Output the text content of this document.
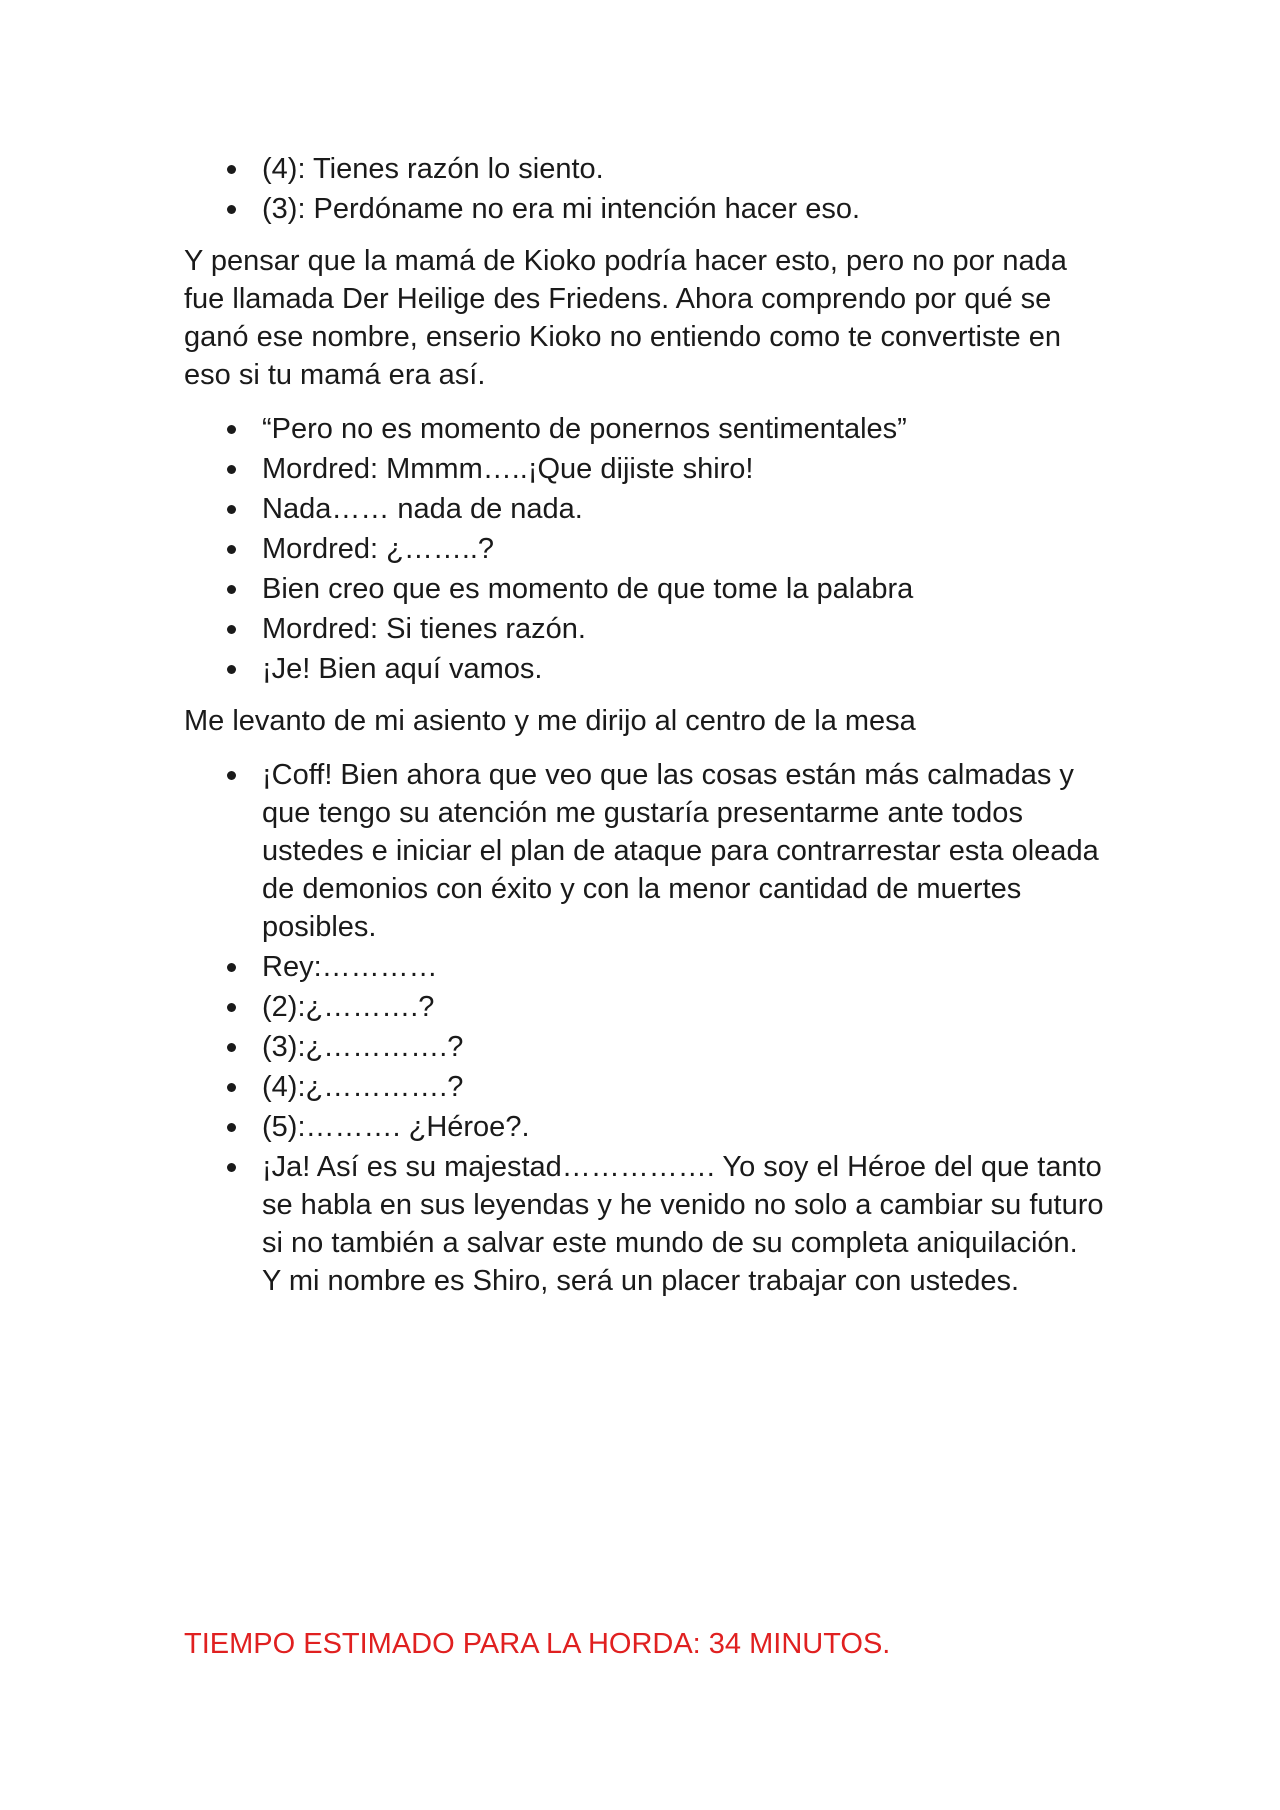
(4): Tienes razón lo siento.
(3): Perdóname no era mi intención hacer eso.

Y pensar que la mamá de Kioko podría hacer esto, pero no por nada fue llamada Der Heilige des Friedens. Ahora comprendo por qué se ganó ese nombre, enserio Kioko no entiendo como te convertiste en eso si tu mamá era así.

“Pero no es momento de ponernos sentimentales”
Mordred: Mmmm…..¡Que dijiste shiro!
Nada…… nada de nada.
Mordred: ¿……..?
Bien creo que es momento de que tome la palabra
Mordred: Si tienes razón.
¡Je! Bien aquí vamos.

Me levanto de mi asiento y me dirijo al centro de la mesa

¡Coff! Bien ahora que veo que las cosas están más calmadas y que tengo su atención me gustaría presentarme ante todos ustedes e iniciar el plan de ataque para contrarrestar esta oleada de demonios con éxito y con la menor cantidad de muertes posibles.
Rey:…………
(2):¿……….?
(3):¿………….?
(4):¿………….?
(5):………. ¿Héroe?.
¡Ja! Así es su majestad……………. Yo soy el Héroe del que tanto se habla en sus leyendas y he venido no solo a cambiar su futuro si no también a salvar este mundo de su completa aniquilación.
Y mi nombre es Shiro, será un placer trabajar con ustedes.
TIEMPO ESTIMADO PARA LA HORDA: 34 MINUTOS.
